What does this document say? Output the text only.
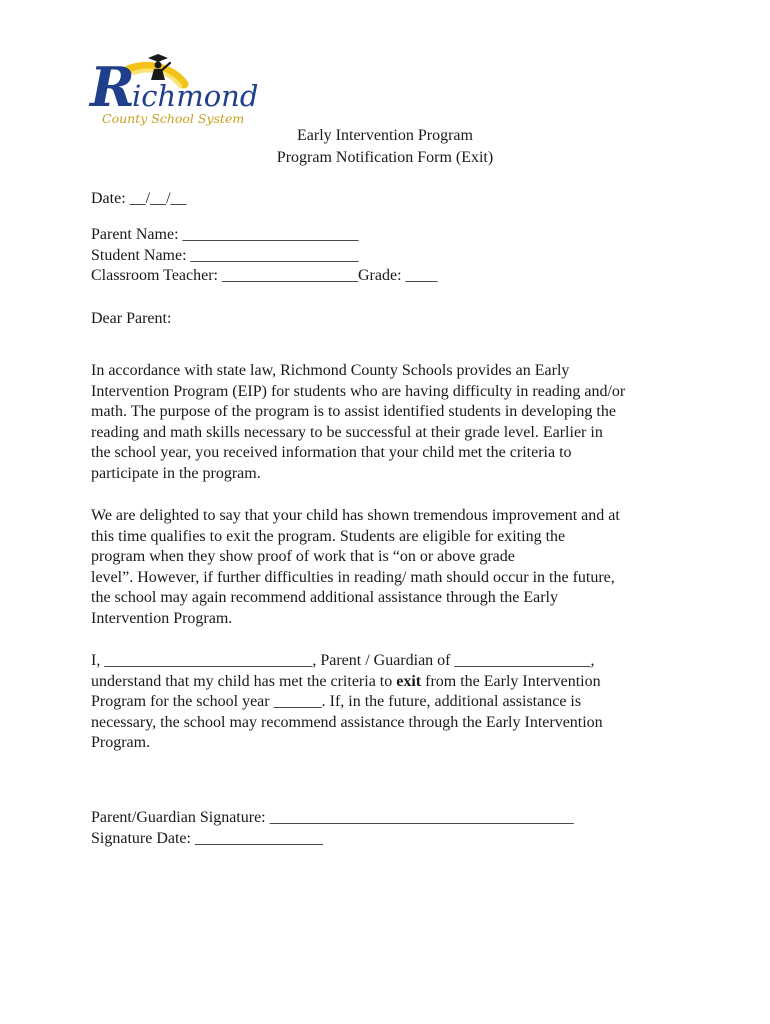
R
ichmond
County School System
Early Intervention Program
Program Notification Form (Exit)
Date: __/__/__
Parent Name: ______________________
Student Name: _____________________
Classroom Teacher: _________________Grade: ____
Dear Parent:
In accordance with state law, Richmond County Schools provides an Early
Intervention Program (EIP) for students who are having difficulty in reading and/or
math. The purpose of the program is to assist identified students in developing the
reading and math skills necessary to be successful at their grade level. Earlier in
the school year, you received information that your child met the criteria to
participate in the program.
We are delighted to say that your child has shown tremendous improvement and at
this time qualifies to exit the program. Students are eligible for exiting the
program when they show proof of work that is “on or above grade
level”. However, if further difficulties in reading/ math should occur in the future,
the school may again recommend additional assistance through the Early
Intervention Program.
I, __________________________, Parent / Guardian of _________________,
understand that my child has met the criteria to exit from the Early Intervention
Program for the school year ______. If, in the future, additional assistance is
necessary, the school may recommend assistance through the Early Intervention
Program.
Parent/Guardian Signature: ______________________________________
Signature Date: ________________
